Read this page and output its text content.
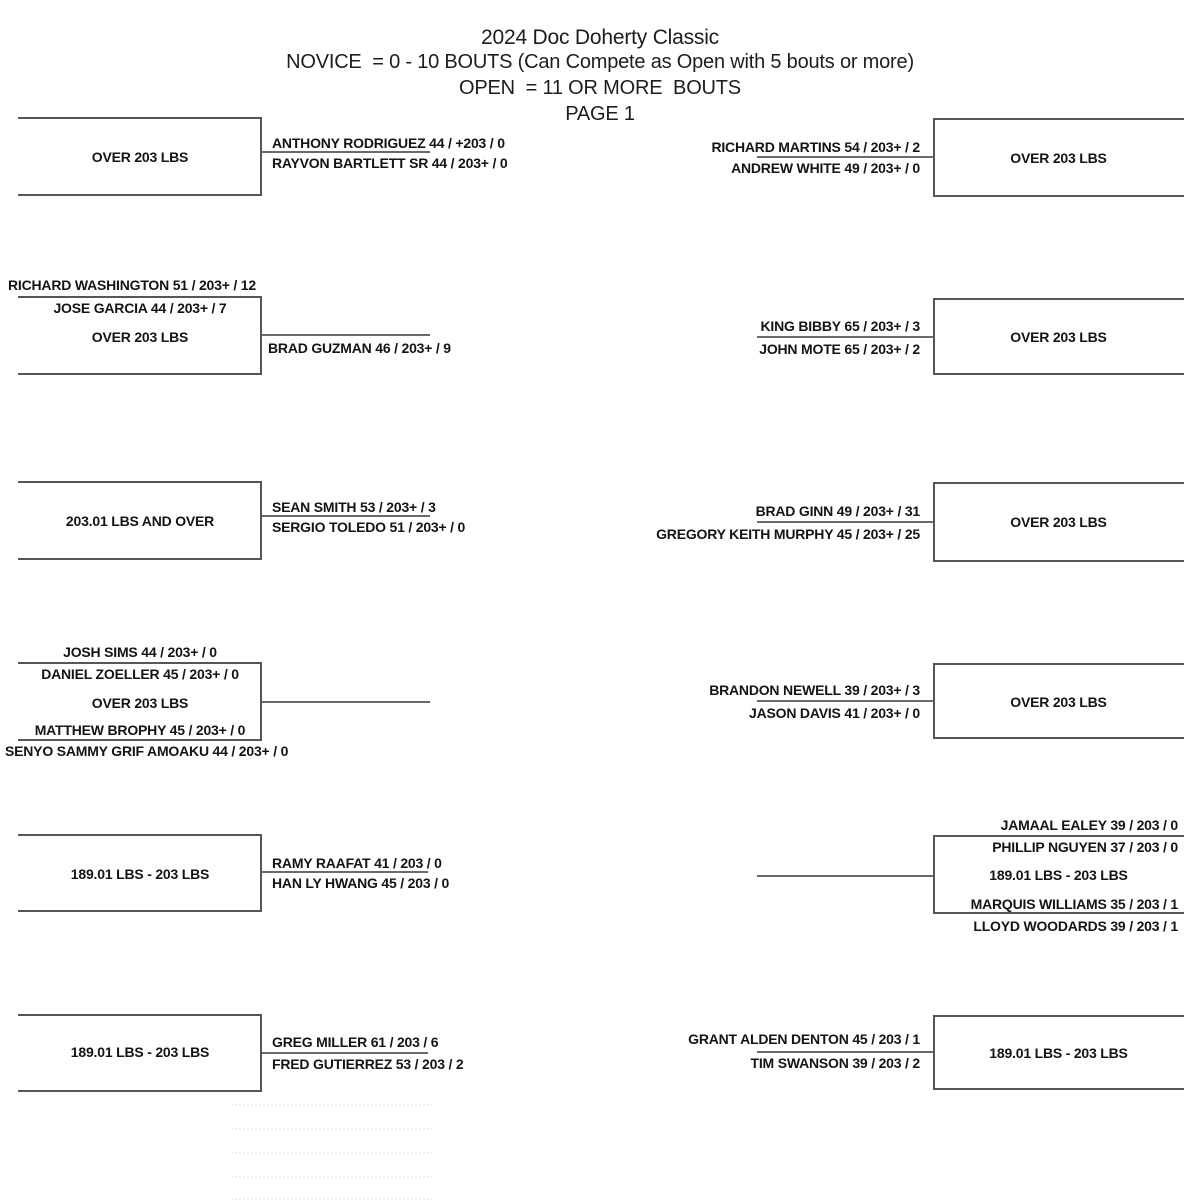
2024 Doc Doherty Classic
NOVICE  = 0 - 10 BOUTS (Can Compete as Open with 5 bouts or more)
OPEN  = 11 OR MORE  BOUTS
PAGE 1
OVER 203 LBS
ANTHONY RODRIGUEZ 44 / +203 / 0
RAYVON BARTLETT SR 44 / 203+ / 0	OVER 203 LBS
RICHARD MARTINS 54 / 203+ / 2
ANDREW WHITE 49 / 203+ / 0
RICHARD WASHINGTON 51 / 203+ / 12
JOSE GARCIA 44 / 203+ / 7
OVER 203 LBS
BRAD GUZMAN 46 / 203+ / 9
OVER 203 LBS
KING BIBBY 65 / 203+ / 3
JOHN MOTE 65 / 203+ / 2
203.01 LBS AND OVER
SEAN SMITH 53 / 203+ / 3
SERGIO TOLEDO 51 / 203+ / 0	OVER 203 LBS
BRAD GINN 49 / 203+ / 31
GREGORY KEITH MURPHY 45 / 203+ / 25
JOSH SIMS 44 / 203+ / 0
DANIEL ZOELLER 45 / 203+ / 0
OVER 203 LBS
MATTHEW BROPHY 45 / 203+ / 0
SENYO SAMMY GRIF AMOAKU 44 / 203+ / 0
OVER 203 LBS
BRANDON NEWELL 39 / 203+ / 3
JASON DAVIS 41 / 203+ / 0
189.01 LBS - 203 LBS
RAMY RAAFAT 41 / 203 / 0
HAN LY HWANG 45 / 203 / 0
JAMAAL EALEY 39 / 203 / 0
PHILLIP NGUYEN 37 / 203 / 0
189.01 LBS - 203 LBS
MARQUIS WILLIAMS 35 / 203 / 1
LLOYD WOODARDS 39 / 203 / 1
189.01 LBS - 203 LBS
GREG MILLER 61 / 203 / 6
FRED GUTIERREZ 53 / 203 / 2
189.01 LBS - 203 LBS
GRANT ALDEN DENTON 45 / 203 / 1
TIM SWANSON 39 / 203 / 2
